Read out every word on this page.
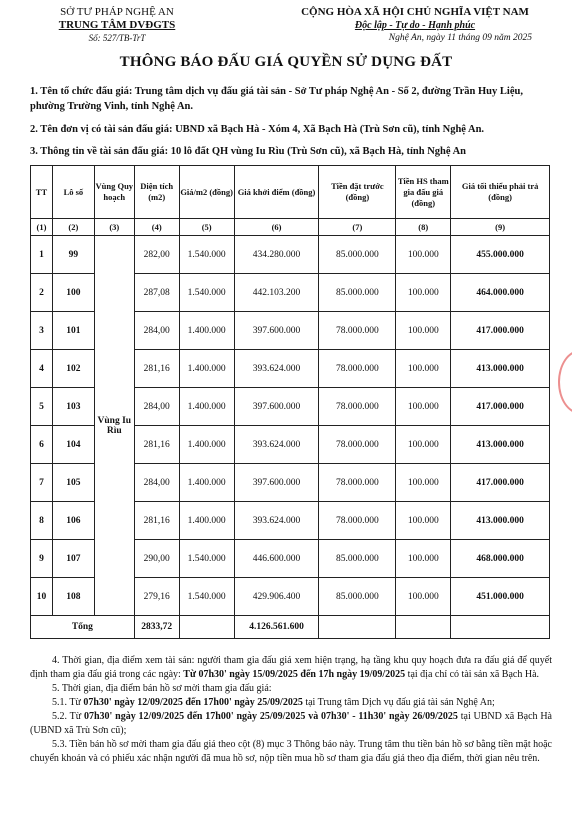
SỞ TƯ PHÁP NGHỆ AN
TRUNG TÂM DVĐGTS
Số: 527/TB-TrT
CỘNG HÒA XÃ HỘI CHỦ NGHĨA VIỆT NAM
Độc lập - Tự do - Hạnh phúc
Nghệ An, ngày 11 tháng 09 năm 2025
THÔNG BÁO ĐẤU GIÁ QUYỀN SỬ DỤNG ĐẤT
1. Tên tổ chức đấu giá: Trung tâm dịch vụ đấu giá tài sản - Sở Tư pháp Nghệ An - Số 2, đường Trần Huy Liệu, phường Trường Vinh, tỉnh Nghệ An.
2. Tên đơn vị có tài sản đấu giá: UBND xã Bạch Hà - Xóm 4, Xã Bạch Hà (Trù Sơn cũ), tỉnh Nghệ An.
3. Thông tin về tài sản đấu giá: 10 lô đất QH vùng Iu Rìu (Trù Sơn cũ), xã Bạch Hà, tỉnh Nghệ An
TT	Lô số	Vùng Quy hoạch	Diện tích (m2)	Giá/m2 (đồng)	Giá khởi điểm (đồng)	Tiền đặt trước (đồng)	Tiền HS tham gia đấu giá (đồng)	Giá tối thiểu phải trả (đồng)
(1)	(2)	(3)	(4)	(5)	(6)	(7)	(8)	(9)
1	99	Vùng Iu Rìu	282,00	1.540.000	434.280.000	85.000.000	100.000	455.000.000
2	100		287,08	1.540.000	442.103.200	85.000.000	100.000	464.000.000
3	101		284,00	1.400.000	397.600.000	78.000.000	100.000	417.000.000
4	102		281,16	1.400.000	393.624.000	78.000.000	100.000	413.000.000
5	103		284,00	1.400.000	397.600.000	78.000.000	100.000	417.000.000
6	104		281,16	1.400.000	393.624.000	78.000.000	100.000	413.000.000
7	105		284,00	1.400.000	397.600.000	78.000.000	100.000	417.000.000
8	106		281,16	1.400.000	393.624.000	78.000.000	100.000	413.000.000
9	107		290,00	1.540.000	446.600.000	85.000.000	100.000	468.000.000
10	108		279,16	1.540.000	429.906.400	85.000.000	100.000	451.000.000
Tổng			2833,72		4.126.561.600			

4. Thời gian, địa điểm xem tài sản: người tham gia đấu giá xem hiện trạng, hạ tầng khu quy hoạch đưa ra đấu giá để quyết định tham gia đấu giá trong các ngày: Từ 07h30' ngày 15/09/2025 đến 17h ngày 19/09/2025 tại địa chỉ có tài sản xã Bạch Hà.

5. Thời gian, địa điểm bán hồ sơ mời tham gia đấu giá:

5.1. Từ 07h30' ngày 12/09/2025 đến 17h00' ngày 25/09/2025 tại Trung tâm Dịch vụ đấu giá tài sản Nghệ An;

5.2. Từ 07h30' ngày 12/09/2025 đến 17h00' ngày 25/09/2025 và 07h30' - 11h30' ngày 26/09/2025 tại UBND xã Bạch Hà (UBND xã Trù Sơn cũ);

5.3. Tiền bán hồ sơ mời tham gia đấu giá theo cột (8) mục 3 Thông báo này. Trung tâm thu tiền bán hồ sơ bằng tiền mặt hoặc chuyển khoản và có phiếu xác nhận người đã mua hồ sơ, nộp tiền mua hồ sơ tham gia đấu giá theo địa điểm, thời gian nêu trên.
